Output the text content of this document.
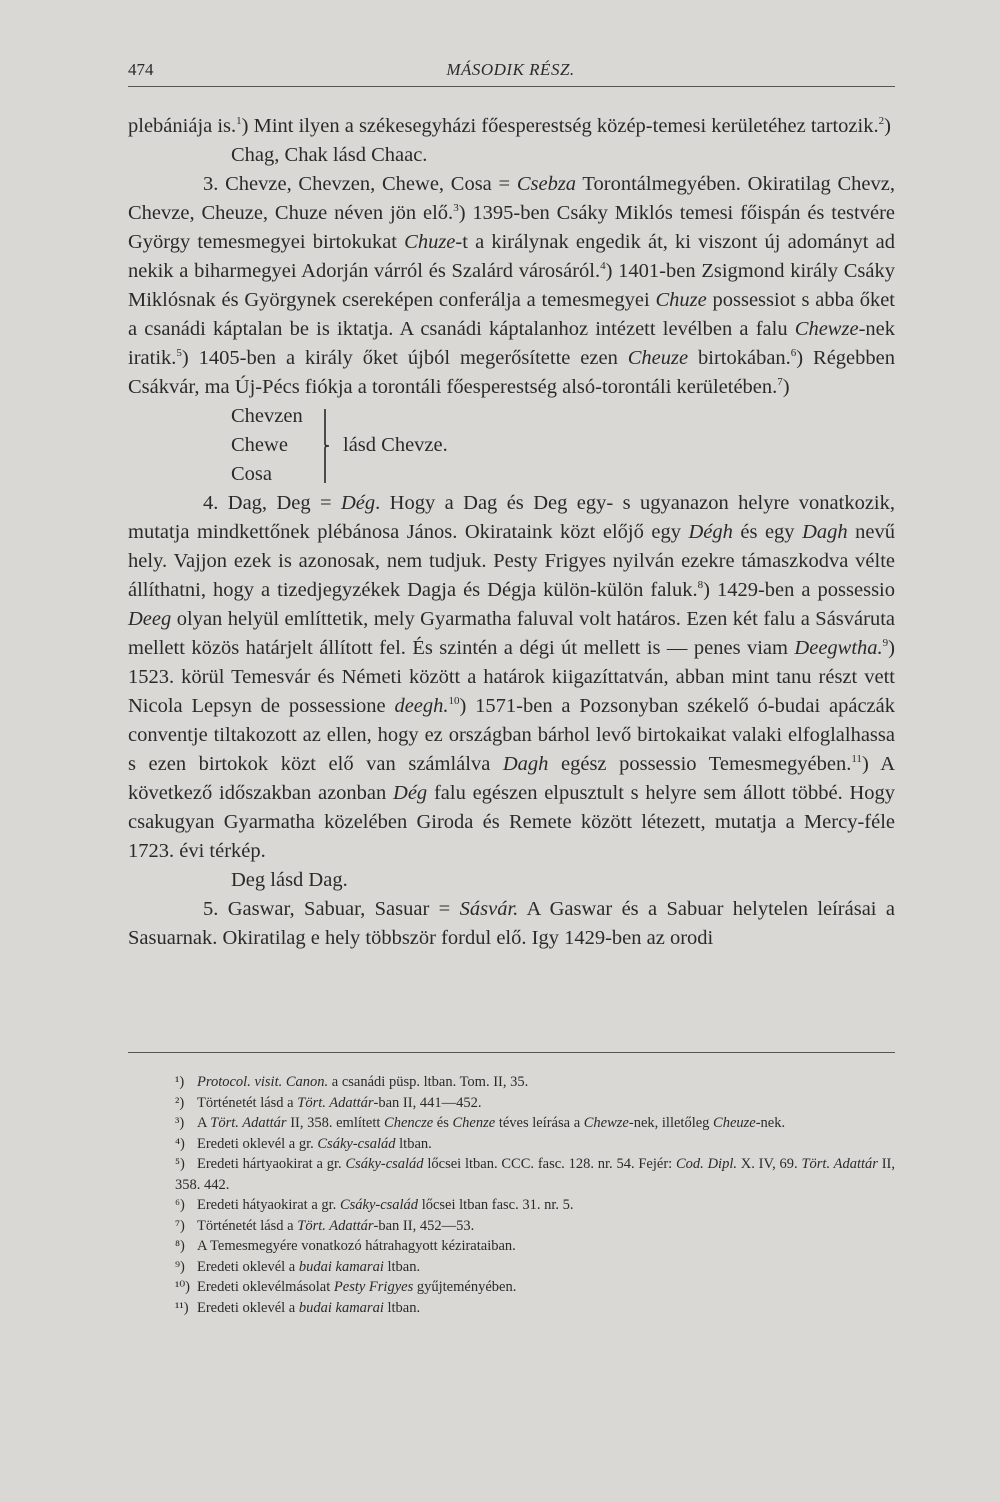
474	MÁSODIK RÉSZ.

plebániája is.$^1$) Mint ilyen a székesegyházi főesperestség közép-temesi kerületéhez tartozik.$^2$)

Chag, Chak lásd Chaac.

3. Chevze, Chevzen, Chewe, Cosa = Csebza Torontálmegyében. Okiratilag Chevz, Chevze, Cheuze, Chuze néven jön elő.$^3$) 1395-ben Csáky Miklós temesi főispán és testvére György temesmegyei birtokukat Chuze-t a királynak engedik át, ki viszont új adományt ad nekik a biharmegyei Adorján várról és Szalárd városáról.$^4$) 1401-ben Zsigmond király Csáky Miklósnak és Györgynek csereképen conferálja a temesmegyei Chuze possessiot s abba őket a csanádi káptalan be is iktatja. A csanádi káptalanhoz intézett levélben a falu Chewze-nek iratik.$^5$) 1405-ben a király őket újból megerősítette ezen Cheuze birtokában.$^6$) Régebben Csákvár, ma Új-Pécs fiókja a torontáli főesperestség alsó-torontáli kerületében.$^7$)

Chevzen
Chewe
Cosa
lásd Chevze.

4. Dag, Deg = Dég. Hogy a Dag és Deg egy- s ugyanazon helyre vonatkozik, mutatja mindkettőnek plébánosa János. Okirataink közt előjő egy Dégh és egy Dagh nevű hely. Vajjon ezek is azonosak, nem tudjuk. Pesty Frigyes nyilván ezekre támaszkodva vélte állíthatni, hogy a tizedjegyzékek Dagja és Dégja külön-külön faluk.$^8$) 1429-ben a possessio Deeg olyan helyül említtetik, mely Gyarmatha faluval volt határos. Ezen két falu a Sásváruta mellett közös határjelt állított fel. És szintén a dégi út mellett is — penes viam Deegwtha.$^9$) 1523. körül Temesvár és Németi között a határok kiigazíttatván, abban mint tanu részt vett Nicola Lepsyn de possessione deegh.$^{10}$) 1571-ben a Pozsonyban székelő ó-budai apáczák conventje tiltakozott az ellen, hogy ez országban bárhol levő birtokaikat valaki elfoglalhassa s ezen birtokok közt elő van számlálva Dagh egész possessio Temesmegyében.$^{11}$) A következő időszakban azonban Dég falu egészen elpusztult s helyre sem állott többé. Hogy csakugyan Gyarmatha közelében Giroda és Remete között létezett, mutatja a Mercy-féle 1723. évi térkép.

Deg lásd Dag.

5. Gaswar, Sabuar, Sasuar = Sásvár. A Gaswar és a Sabuar helytelen leírásai a Sasuarnak. Okiratilag e hely többször fordul elő. Igy 1429-ben az orodi

¹) Protocol. visit. Canon. a csanádi püsp. ltban. Tom. II, 35.

²) Történetét lásd a Tört. Adattár-ban II, 441—452.

³) A Tört. Adattár II, 358. említett Chencze és Chenze téves leírása a Chewze-nek, illetőleg Cheuze-nek.

⁴) Eredeti oklevél a gr. Csáky-család ltban.

⁵) Eredeti hártyaokirat a gr. Csáky-család lőcsei ltban. CCC. fasc. 128. nr. 54. Fejér: Cod. Dipl. X. IV, 69. Tört. Adattár II, 358. 442.

⁶) Eredeti hátyaokirat a gr. Csáky-család lőcsei ltban fasc. 31. nr. 5.

⁷) Történetét lásd a Tört. Adattár-ban II, 452—53.

⁸) A Temesmegyére vonatkozó hátrahagyott kézirataiban.

⁹) Eredeti oklevél a budai kamarai ltban.

¹⁰) Eredeti oklevélmásolat Pesty Frigyes gyűjteményében.

¹¹) Eredeti oklevél a budai kamarai ltban.
